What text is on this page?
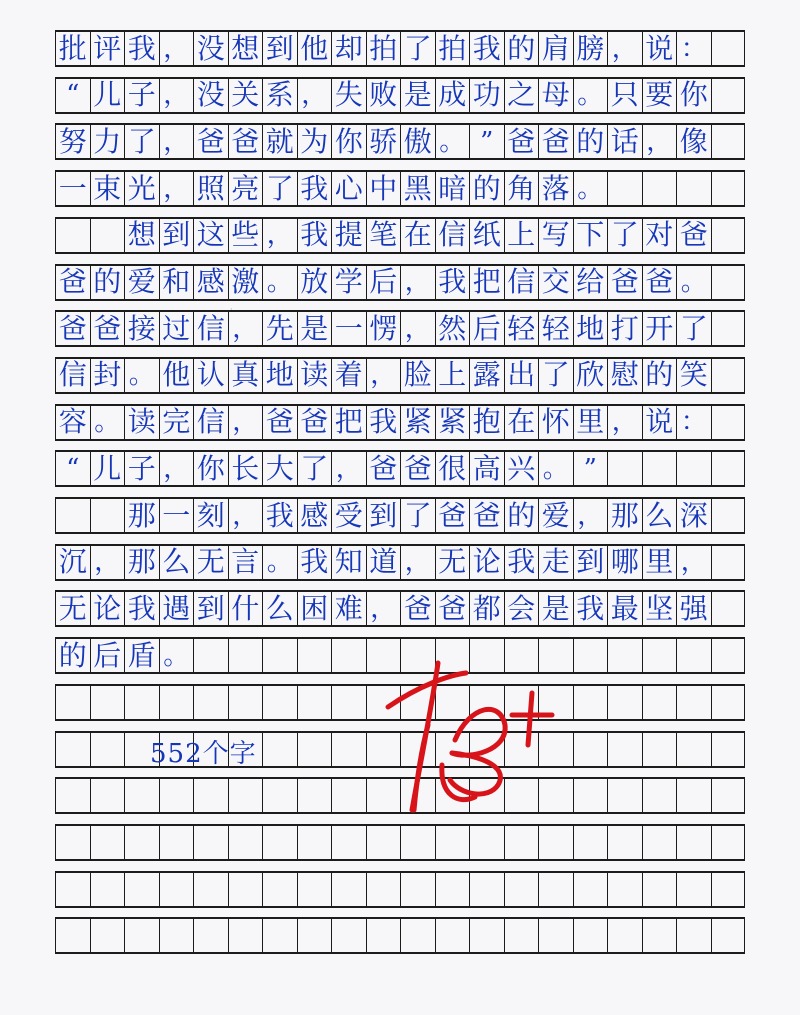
批 评 我 ， 没 想 到 他 却 拍 了 拍 我 的 肩 膀 ， 说 ：
“ 儿 子 ， 没 关 系 ， 失 败 是 成 功 之 母 。 只 要 你
努 力 了 ， 爸 爸 就 为 你 骄 傲 。 ” 爸 爸 的 话 ， 像
一 束 光 ， 照 亮 了 我 心 中 黑 暗 的 角 落 。
想 到 这 些 ， 我 提 笔 在 信 纸 上 写 下 了 对 爸
爸 的 爱 和 感 激 。 放 学 后 ， 我 把 信 交 给 爸 爸 。
爸 爸 接 过 信 ， 先 是 一 愣 ， 然 后 轻 轻 地 打 开 了
信 封 。 他 认 真 地 读 着 ， 脸 上 露 出 了 欣 慰 的 笑
容 。 读 完 信 ， 爸 爸 把 我 紧 紧 抱 在 怀 里 ， 说 ：
“ 儿 子 ， 你 长 大 了 ， 爸 爸 很 高 兴 。 ”
那 一 刻 ， 我 感 受 到 了 爸 爸 的 爱 ， 那 么 深
沉 ， 那 么 无 言 。 我 知 道 ， 无 论 我 走 到 哪 里 ，
无 论 我 遇 到 什 么 困 难 ， 爸 爸 都 会 是 我 最 坚 强
的 后 盾 。
552个字
·
